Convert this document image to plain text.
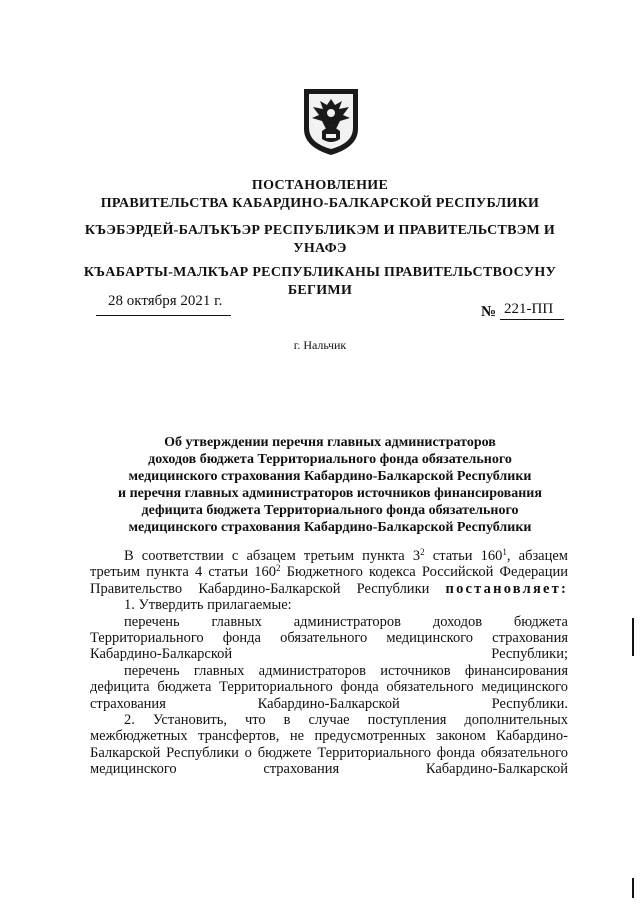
ПОСТАНОВЛЕНИЕ
ПРАВИТЕЛЬСТВА КАБАРДИНО-БАЛКАРСКОЙ РЕСПУБЛИКИ
КЪЭБЭРДЕЙ-БАЛЪКЪЭР РЕСПУБЛИКЭМ И ПРАВИТЕЛЬСТВЭМ И
УНАФЭ
КЪАБАРТЫ-МАЛКЪАР РЕСПУБЛИКАНЫ ПРАВИТЕЛЬСТВОСУНУ
БЕГИМИ
28 октября 2021 г.
№ 221-ПП
г. Нальчик
Об утверждении перечня главных администраторов
доходов бюджета Территориального фонда обязательного
медицинского страхования Кабардино-Балкарской Республики
и перечня главных администраторов источников финансирования
дефицита бюджета Территориального фонда обязательного
медицинского страхования Кабардино-Балкарской Республики

В соответствии с абзацем третьим пункта $3^2$ статьи $160^1$, абзацем третьим пункта 4 статьи $160^2$ Бюджетного кодекса Российской Федерации Правительство Кабардино-Балкарской Республики постановляет:

1. Утвердить прилагаемые:

перечень главных администраторов доходов бюджета Территориального фонда обязательного медицинского страхования Кабардино-Балкарской Республики;

перечень главных администраторов источников финансирования дефицита бюджета Территориального фонда обязательного медицинского страхования Кабардино-Балкарской Республики.

2. Установить, что в случае поступления дополнительных межбюджетных трансфертов, не предусмотренных законом Кабардино-Балкарской Республики о бюджете Территориального фонда обязательного медицинского страхования Кабардино-Балкарской
